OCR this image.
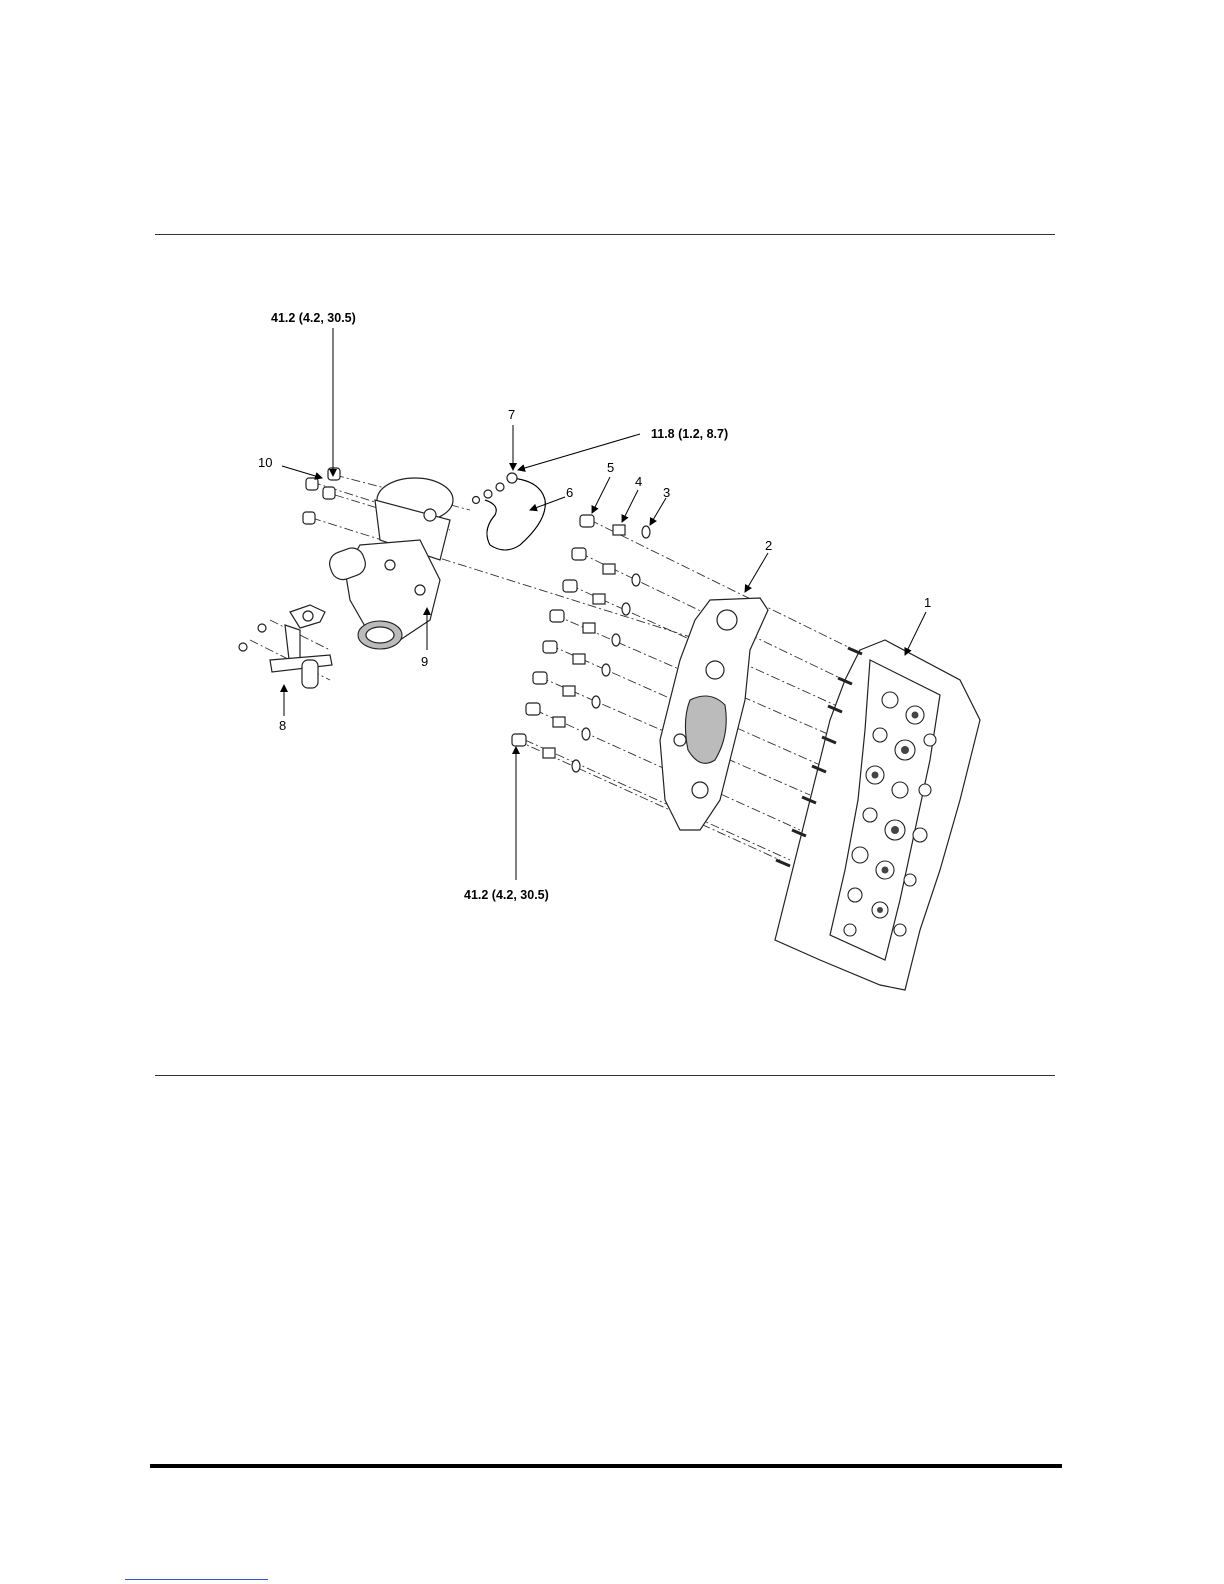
1
2
3
4
5
6
7
8
9
10
41.2 (4.2, 30.5)
11.8 (1.2, 8.7)
41.2 (4.2, 30.5)
